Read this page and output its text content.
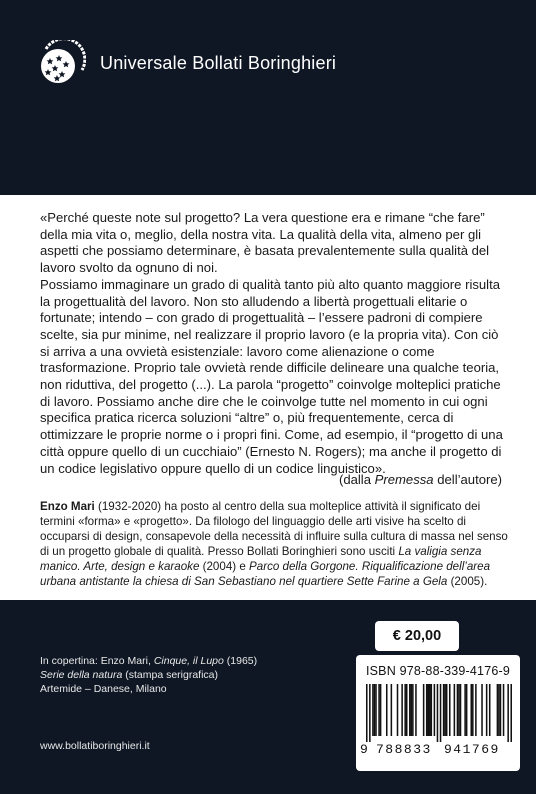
Universale Bollati Boringhieri

«Perché queste note sul progetto? La vera questione era e rimane “che fare” della mia vita o, meglio, della nostra vita. La qualità della vita, almeno per gli aspetti che possiamo determinare, è basata prevalentemente sulla qualità del lavoro svolto da ognuno di noi.

Possiamo immaginare un grado di qualità tanto più alto quanto maggiore risulta la progettualità del lavoro. Non sto alludendo a libertà progettuali elitarie o fortunate; intendo – con grado di progettualità – l’essere padroni di compiere scelte, sia pur minime, nel realizzare il proprio lavoro (e la propria vita). Con ciò si arriva a una ovvietà esistenziale: lavoro come alienazione o come trasformazione. Proprio tale ovvietà rende difficile delineare una qualche teoria, non riduttiva, del progetto (...). La parola “progetto” coinvolge molteplici pratiche di lavoro. Possiamo anche dire che le coinvolge tutte nel momento in cui ogni specifica pratica ricerca soluzioni “altre” o, più frequentemente, cerca di ottimizzare le proprie norme o i propri fini. Come, ad esempio, il “progetto di una città oppure quello di un cucchiaio” (Ernesto N. Rogers); ma anche il progetto di un codice legislativo oppure quello di un codice linguistico».

(dalla Premessa dell’autore)
Enzo Mari (1932-2020) ha posto al centro della sua molteplice attività il significato dei termini «forma» e «progetto». Da filologo del linguaggio delle arti visive ha scelto di occuparsi di design, consapevole della necessità di influire sulla cultura di massa nel senso di un progetto globale di qualità. Presso Bollati Boringhieri sono usciti La valigia senza manico. Arte, design e karaoke (2004) e Parco della Gorgone. Riqualificazione dell’area urbana antistante la chiesa di San Sebastiano nel quartiere Sette Farine a Gela (2005).
In copertina: Enzo Mari, Cinque, il Lupo (1965)
Serie della natura (stampa serigrafica)
Artemide – Danese, Milano
www.bollatiboringhieri.it
€ 20,00
ISBN 978-88-339-4176-9
9 788833 941769
